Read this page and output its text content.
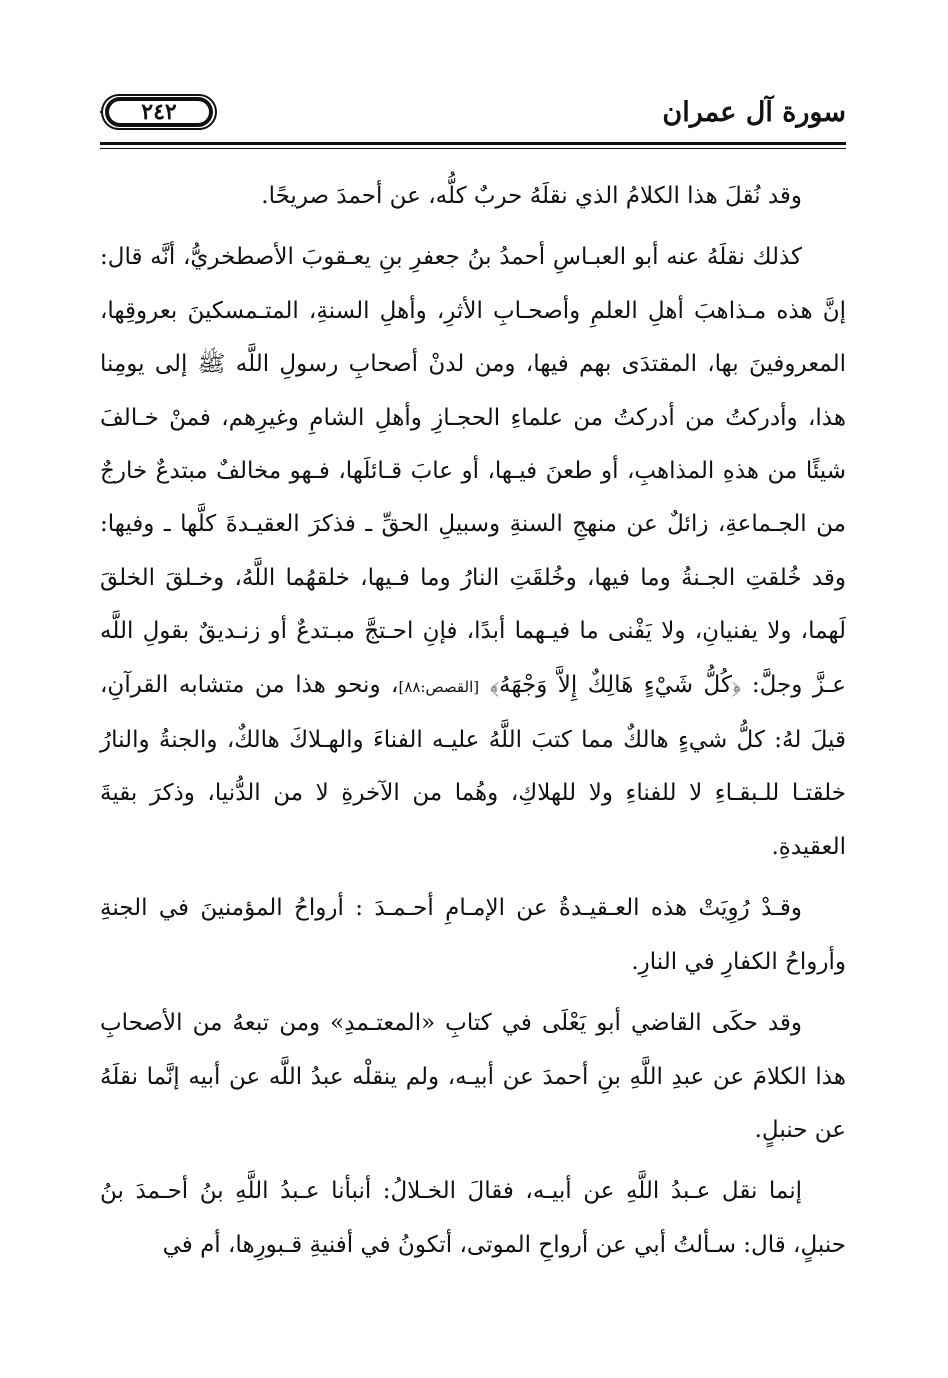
سورة آل عمران
٢٤٢

وقد نُقلَ هذا الكلامُ الذي نقلَهُ حربٌ كلُّه، عن أحمدَ صريحًا.

كذلك نقلَهُ عنه أبو العبـاسِ أحمدُ بنُ جعفرِ بنِ يعـقوبَ الأصطخريُّ، أنَّه قال: إنَّ هذه مـذاهبَ أهلِ العلمِ وأصحـابِ الأثرِ، وأهلِ السنةِ، المتـمسكينَ بعروقِها، المعروفينَ بها، المقتدَى بهم فيها، ومن لدنْ أصحابِ رسولِ اللَّه ﷺ إلى يومِنا هذا، وأدركتُ من أدركتُ من علماءِ الحجـازِ وأهلِ الشامِ وغيرِهم، فمنْ خـالفَ شيئًا من هذهِ المذاهبِ، أو طعنَ فيـها، أو عابَ قـائلَها، فـهو مخالفٌ مبتدعٌ خارجٌ من الجـماعةِ، زائلٌ عن منهجِ السنةِ وسبيلِ الحقِّ ـ فذكرَ العقيـدةَ كلَّها ـ وفيها: وقد خُلقتِ الجـنةُ وما فيها، وخُلقَتِ النارُ وما فـيها، خلقهُما اللَّهُ، وخـلقَ الخلقَ لَهما، ولا يفنيانِ، ولا يَفْنى ما فيـهما أبدًا، فإنِ احـتجَّ مبـتدعٌ أو زنـديقٌ بقولِ اللَّه عـزَّ وجلَّ: ﴿كُلُّ شَيْءٍ هَالِكٌ إِلاَّ وَجْهَهُ﴾ [القصص:٨٨]، ونحو هذا من متشابه القرآنِ، قيلَ لهُ: كلُّ شيءٍ هالكٌ مما كتبَ اللَّهُ عليـه الفناءَ والهـلاكَ هالكٌ، والجنةُ والنارُ خلقتـا للـبقـاءِ لا للفناءِ ولا للهلاكِ، وهُما من الآخرةِ لا من الدُّنيا، وذكرَ بقيةَ العقيدةِ.

وقـدْ رُوِيَتْ هذه العـقيـدةُ عن الإمـامِ أحـمـدَ : أرواحُ المؤمنينَ في الجنةِ وأرواحُ الكفارِ في النارِ.

وقد حكَى القاضي أبو يَعْلَى في كتابِ «المعتـمدِ» ومن تبعهُ من الأصحابِ هذا الكلامَ عن عبدِ اللَّهِ بنِ أحمدَ عن أبيـه، ولم ينقلْه عبدُ اللَّه عن أبيه إنَّما نقلَهُ عن حنبلٍ.

إنما نقل عـبدُ اللَّهِ عن أبيـه، فقالَ الخـلالُ: أنبأنا عـبدُ اللَّهِ بنُ أحـمدَ بنُ حنبلٍ، قال: سـألتُ أبي عن أرواحِ الموتى، أتكونُ في أفنيةِ قـبورِها، أم في
